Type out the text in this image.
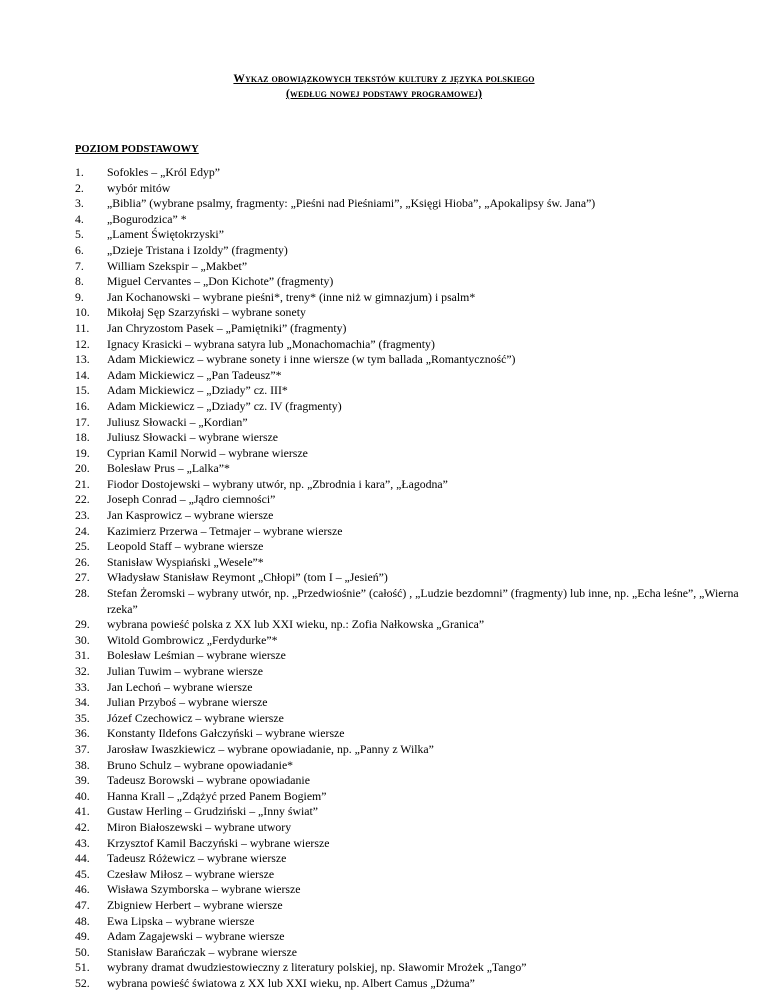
Wykaz obowiązkowych tekstów kultury z języka polskiego
(według nowej podstawy programowej)
POZIOM PODSTAWOWY
1.	Sofokles – „Król Edyp”
2.	wybór mitów
3.	„Biblia” (wybrane psalmy, fragmenty: „Pieśni nad Pieśniami”, „Księgi Hioba”, „Apokalipsy św. Jana”)
4.	„Bogurodzica” *
5.	„Lament Świętokrzyski”
6.	„Dzieje Tristana i Izoldy” (fragmenty)
7.	William Szekspir – „Makbet”
8.	Miguel Cervantes – „Don Kichote” (fragmenty)
9.	Jan Kochanowski – wybrane pieśni*, treny* (inne niż w gimnazjum) i psalm*
10.	Mikołaj Sęp Szarzyński – wybrane sonety
11.	Jan Chryzostom Pasek – „Pamiętniki” (fragmenty)
12.	Ignacy Krasicki – wybrana satyra lub „Monachomachia” (fragmenty)
13.	Adam Mickiewicz – wybrane sonety i inne wiersze (w tym ballada „Romantyczność”)
14.	Adam Mickiewicz – „Pan Tadeusz”*
15.	Adam Mickiewicz – „Dziady” cz. III*
16.	Adam Mickiewicz – „Dziady” cz. IV (fragmenty)
17.	Juliusz Słowacki – „Kordian”
18.	Juliusz Słowacki – wybrane wiersze
19.	Cyprian Kamil Norwid – wybrane wiersze
20.	Bolesław Prus – „Lalka”*
21.	Fiodor Dostojewski – wybrany utwór, np. „Zbrodnia i kara”, „Łagodna”
22.	Joseph Conrad – „Jądro ciemności”
23.	Jan Kasprowicz – wybrane wiersze
24.	Kazimierz Przerwa – Tetmajer – wybrane wiersze
25.	Leopold Staff – wybrane wiersze
26.	Stanisław Wyspiański „Wesele”*
27.	Władysław Stanisław Reymont „Chłopi” (tom I – „Jesień”)
28.	Stefan Żeromski – wybrany utwór, np. „Przedwiośnie” (całość) , „Ludzie bezdomni” (fragmenty) lub inne, np. „Echa leśne”, „Wierna rzeka”
29.	wybrana powieść polska z XX lub XXI wieku, np.: Zofia Nałkowska „Granica”
30.	Witold Gombrowicz „Ferdydurke”*
31.	Bolesław Leśmian – wybrane wiersze
32.	Julian Tuwim – wybrane wiersze
33.	Jan Lechoń – wybrane wiersze
34.	Julian Przyboś – wybrane wiersze
35.	Józef Czechowicz – wybrane wiersze
36.	Konstanty Ildefons Gałczyński – wybrane wiersze
37.	Jarosław Iwaszkiewicz – wybrane opowiadanie, np. „Panny z Wilka”
38.	Bruno Schulz – wybrane opowiadanie*
39.	Tadeusz Borowski – wybrane opowiadanie
40.	Hanna Krall – „Zdążyć przed Panem Bogiem”
41.	Gustaw Herling – Grudziński – „Inny świat”
42.	Miron Białoszewski – wybrane utwory
43.	Krzysztof Kamil Baczyński – wybrane wiersze
44.	Tadeusz Różewicz – wybrane wiersze
45.	Czesław Miłosz – wybrane wiersze
46.	Wisława Szymborska – wybrane wiersze
47.	Zbigniew Herbert – wybrane wiersze
48.	Ewa Lipska – wybrane wiersze
49.	Adam Zagajewski – wybrane wiersze
50.	Stanisław Barańczak – wybrane wiersze
51.	wybrany dramat dwudziestowieczny z literatury polskiej, np. Sławomir Mrożek „Tango”
52.	wybrana powieść światowa z XX lub XXI wieku, np. Albert Camus „Dżuma”
